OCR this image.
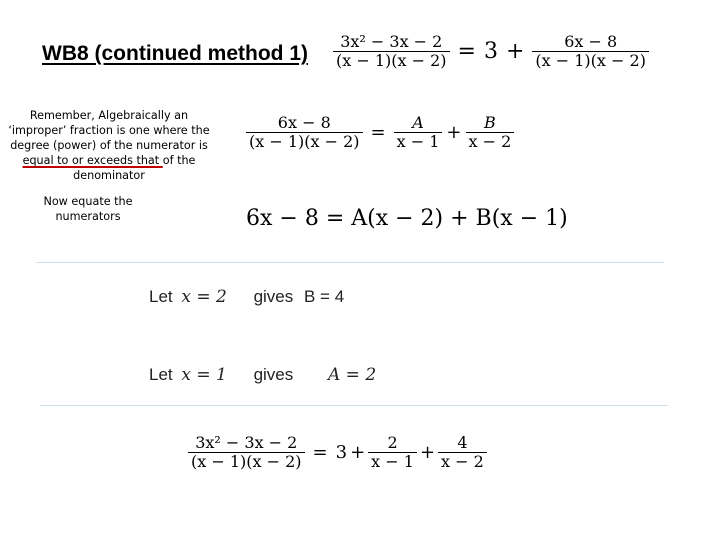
WB8 (continued method $1) \frac{\text{3x² − 3x − 2}}{(x - 1)(x - 2)} = 3 + \frac{6x - 8}{(x - 1)(x - 2)}$
Remember, Algebraically an ‘improper’ fraction is one where the degree (power) of the numerator is equal to or exceeds that of the denominator
Now equate the numerators
$\frac{6x - 8}{(x - 1)(x - 2)} = \frac{A}{x - 1} + \frac{B}{x - 2}$
6x − 8 = A(x − 2) + B(x − 1)
Let x = 2 gives B = 4
Let x = 1 gives A = 2
$\frac{\text{3x² − 3x − 2}}{(x - 1)(x - 2)} = 3 + \frac{2}{x - 1} + \frac{4}{x - 2}$
